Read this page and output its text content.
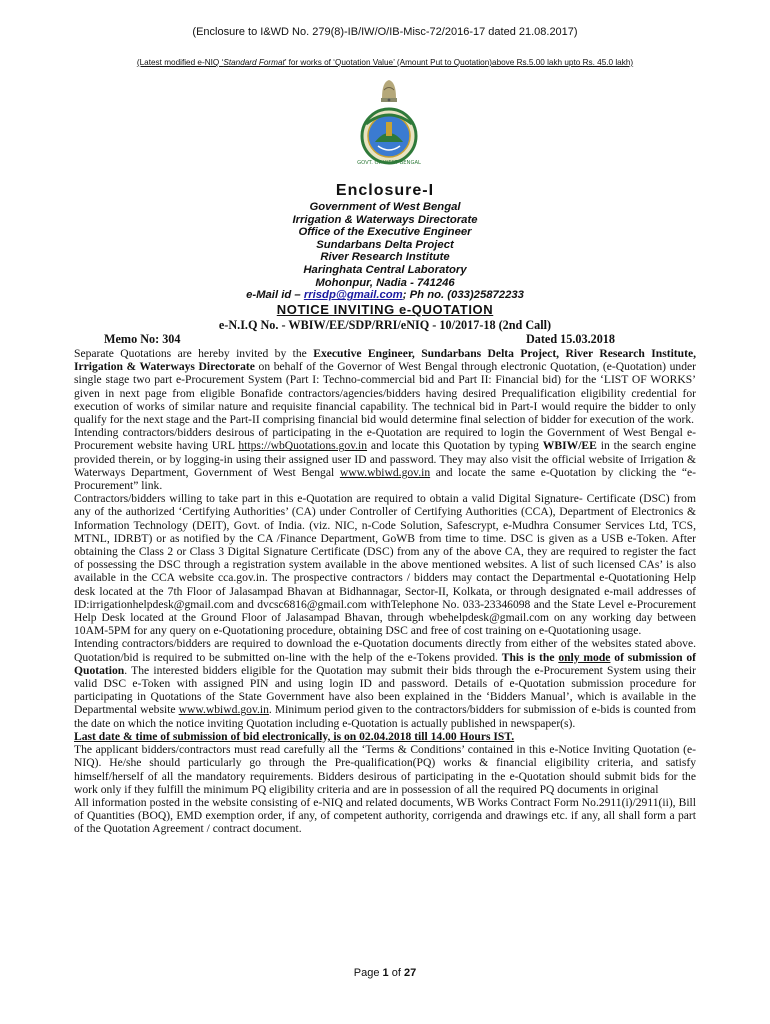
(Enclosure to I&WD No. 279(8)-IB/IW/O/IB-Misc-72/2016-17 dated 21.08.2017)
(Latest modified e-NIQ ‘Standard Format’ for works of ‘Quotation Value’ (Amount Put to Quotation)above Rs.5.00 lakh upto Rs. 45.0 lakh)
GOVT. OF WEST BENGAL
Enclosure-I
Government of West Bengal
Irrigation & Waterways Directorate
Office of the Executive Engineer
Sundarbans Delta Project
River Research Institute
Haringhata Central Laboratory
Mohonpur, Nadia - 741246
e-Mail id – rrisdp@gmail.com; Ph no. (033)25872233
NOTICE INVITING e-QUOTATION
e-N.I.Q No. - WBIW/EE/SDP/RRI/eNIQ - 10/2017-18 (2nd Call)
Memo No: 304	Dated 15.03.2018

Separate Quotations are hereby invited by the Executive Engineer, Sundarbans Delta Project, River Research Institute, Irrigation & Waterways Directorate on behalf of the Governor of West Bengal through electronic Quotation, (e-Quotation) under single stage two part e-Procurement System (Part I: Techno-commercial bid and Part II: Financial bid) for the ‘LIST OF WORKS’ given in next page from eligible Bonafide contractors/agencies/bidders having desired Prequalification eligibility credential for execution of works of similar nature and requisite financial capability. The technical bid in Part-I would require the bidder to only qualify for the next stage and the Part-II comprising financial bid would determine final selection of bidder for execution of the work.

Intending contractors/bidders desirous of participating in the e-Quotation are required to login the Government of West Bengal e-Procurement website having URL https://wbQuotations.gov.in and locate this Quotation by typing WBIW/EE in the search engine provided therein, or by logging-in using their assigned user ID and password. They may also visit the official website of Irrigation & Waterways Department, Government of West Bengal www.wbiwd.gov.in and locate the same e-Quotation by clicking the “e-Procurement” link.

Contractors/bidders willing to take part in this e-Quotation are required to obtain a valid Digital Signature- Certificate (DSC) from any of the authorized ‘Certifying Authorities’ (CA) under Controller of Certifying Authorities (CCA), Department of Electronics & Information Technology (DEIT), Govt. of India. (viz. NIC, n-Code Solution, Safescrypt, e-Mudhra Consumer Services Ltd, TCS, MTNL, IDRBT) or as notified by the CA /Finance Department, GoWB from time to time. DSC is given as a USB e-Token. After obtaining the Class 2 or Class 3 Digital Signature Certificate (DSC) from any of the above CA, they are required to register the fact of possessing the DSC through a registration system available in the above mentioned websites. A list of such licensed CAs’ is also available in the CCA website cca.gov.in. The prospective contractors / bidders may contact the Departmental e-Quotationing Help desk located at the 7th Floor of Jalasampad Bhavan at Bidhannagar, Sector-II, Kolkata, or through designated e-mail addresses of ID:irrigationhelpdesk@gmail.com and dvcsc6816@gmail.com withTelephone No. 033-23346098 and the State Level e-Procurement Help Desk located at the Ground Floor of Jalasampad Bhavan, through wbehelpdesk@gmail.com on any working day between 10AM-5PM for any query on e-Quotationing procedure, obtaining DSC and free of cost training on e-Quotationing usage.

Intending contractors/bidders are required to download the e-Quotation documents directly from either of the websites stated above. Quotation/bid is required to be submitted on-line with the help of the e-Tokens provided. This is the only mode of submission of Quotation. The interested bidders eligible for the Quotation may submit their bids through the e-Procurement System using their valid DSC e-Token with assigned PIN and using login ID and password. Details of e-Quotation submission procedure for participating in Quotations of the State Government have also been explained in the ‘Bidders Manual’, which is available in the Departmental website www.wbiwd.gov.in. Minimum period given to the contractors/bidders for submission of e-bids is counted from the date on which the notice inviting Quotation including e-Quotation is actually published in newspaper(s).

Last date & time of submission of bid electronically, is on 02.04.2018 till 14.00 Hours IST.

The applicant bidders/contractors must read carefully all the ‘Terms & Conditions’ contained in this e-Notice Inviting Quotation (e-NIQ). He/she should particularly go through the Pre-qualification(PQ) works & financial eligibility criteria, and satisfy himself/herself of all the mandatory requirements. Bidders desirous of participating in the e-Quotation should submit bids for the work only if they fulfill the minimum PQ eligibility criteria and are in possession of all the required PQ documents in original

All information posted in the website consisting of e-NIQ and related documents, WB Works Contract Form No.2911(i)/2911(ii), Bill of Quantities (BOQ), EMD exemption order, if any, of competent authority, corrigenda and drawings etc. if any, all shall form a part of the Quotation Agreement / contract document.

Page 1 of 27
